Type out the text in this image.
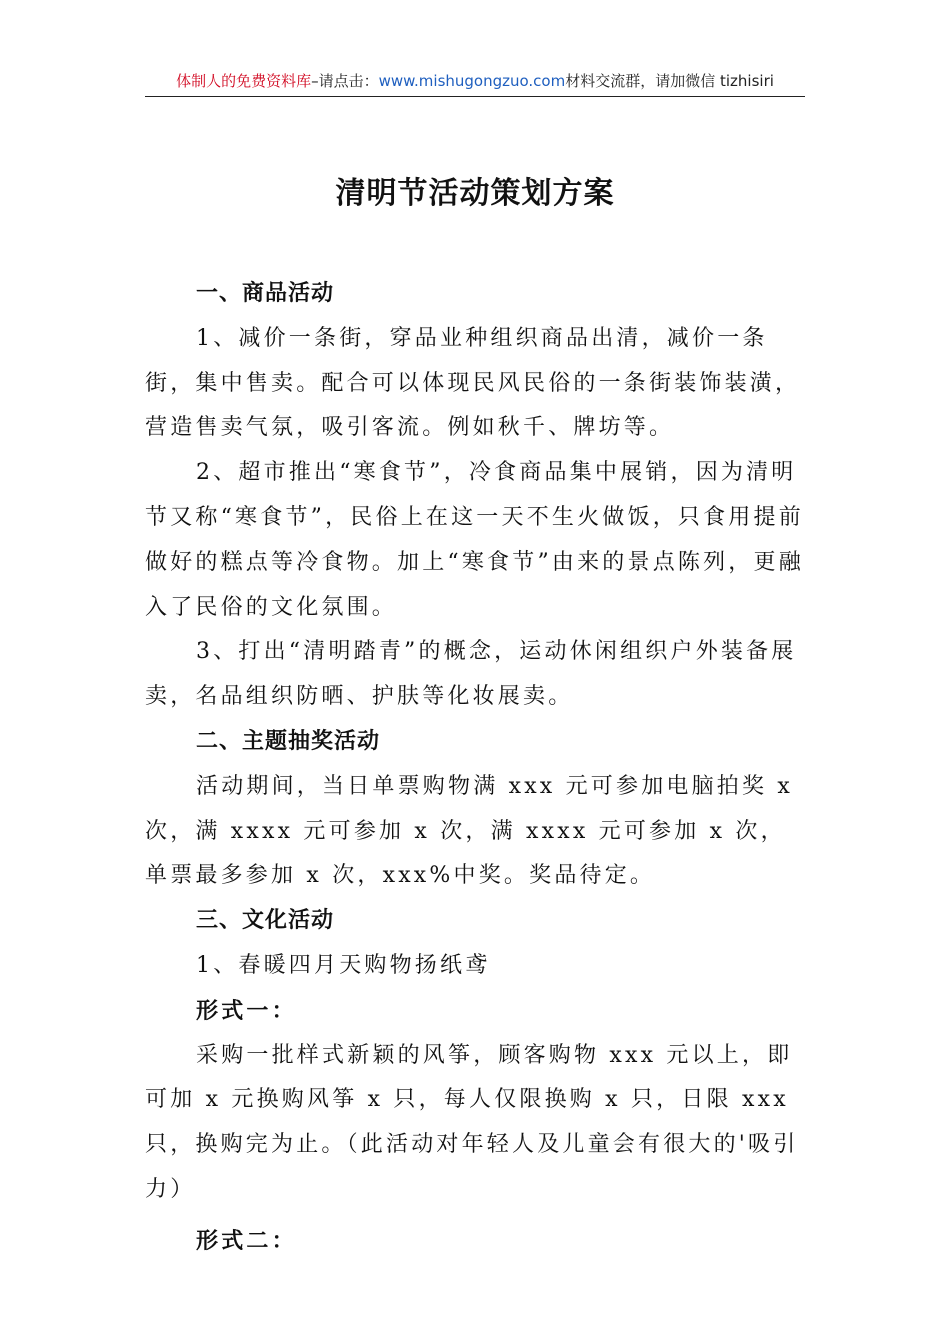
体制人的免费资料库–请点击：www.mishugongzuo.com材料交流群，请加微信 tizhisiri
清明节活动策划方案

一、商品活动

1、减价一条街，穿品业种组织商品出清，减价一条街，集中售卖。配合可以体现民风民俗的一条街装饰装潢，营造售卖气氛，吸引客流。例如秋千、牌坊等。

2、超市推出“寒食节”，冷食商品集中展销，因为清明节又称“寒食节”，民俗上在这一天不生火做饭，只食用提前做好的糕点等冷食物。加上“寒食节”由来的景点陈列，更融入了民俗的文化氛围。

3、打出“清明踏青”的概念，运动休闲组织户外装备展卖，名品组织防晒、护肤等化妆展卖。

二、主题抽奖活动

活动期间，当日单票购物满 xxx 元可参加电脑拍奖 x 次，满 xxxx 元可参加 x 次，满 xxxx 元可参加 x 次，单票最多参加 x 次，xxx%中奖。奖品待定。

三、文化活动

1、春暖四月天购物扬纸鸢

形式一：

采购一批样式新颖的风筝，顾客购物 xxx 元以上，即可加 x 元换购风筝 x 只，每人仅限换购 x 只，日限 xxx 只，换购完为止。（此活动对年轻人及儿童会有很大的'吸引力）

形式二：
